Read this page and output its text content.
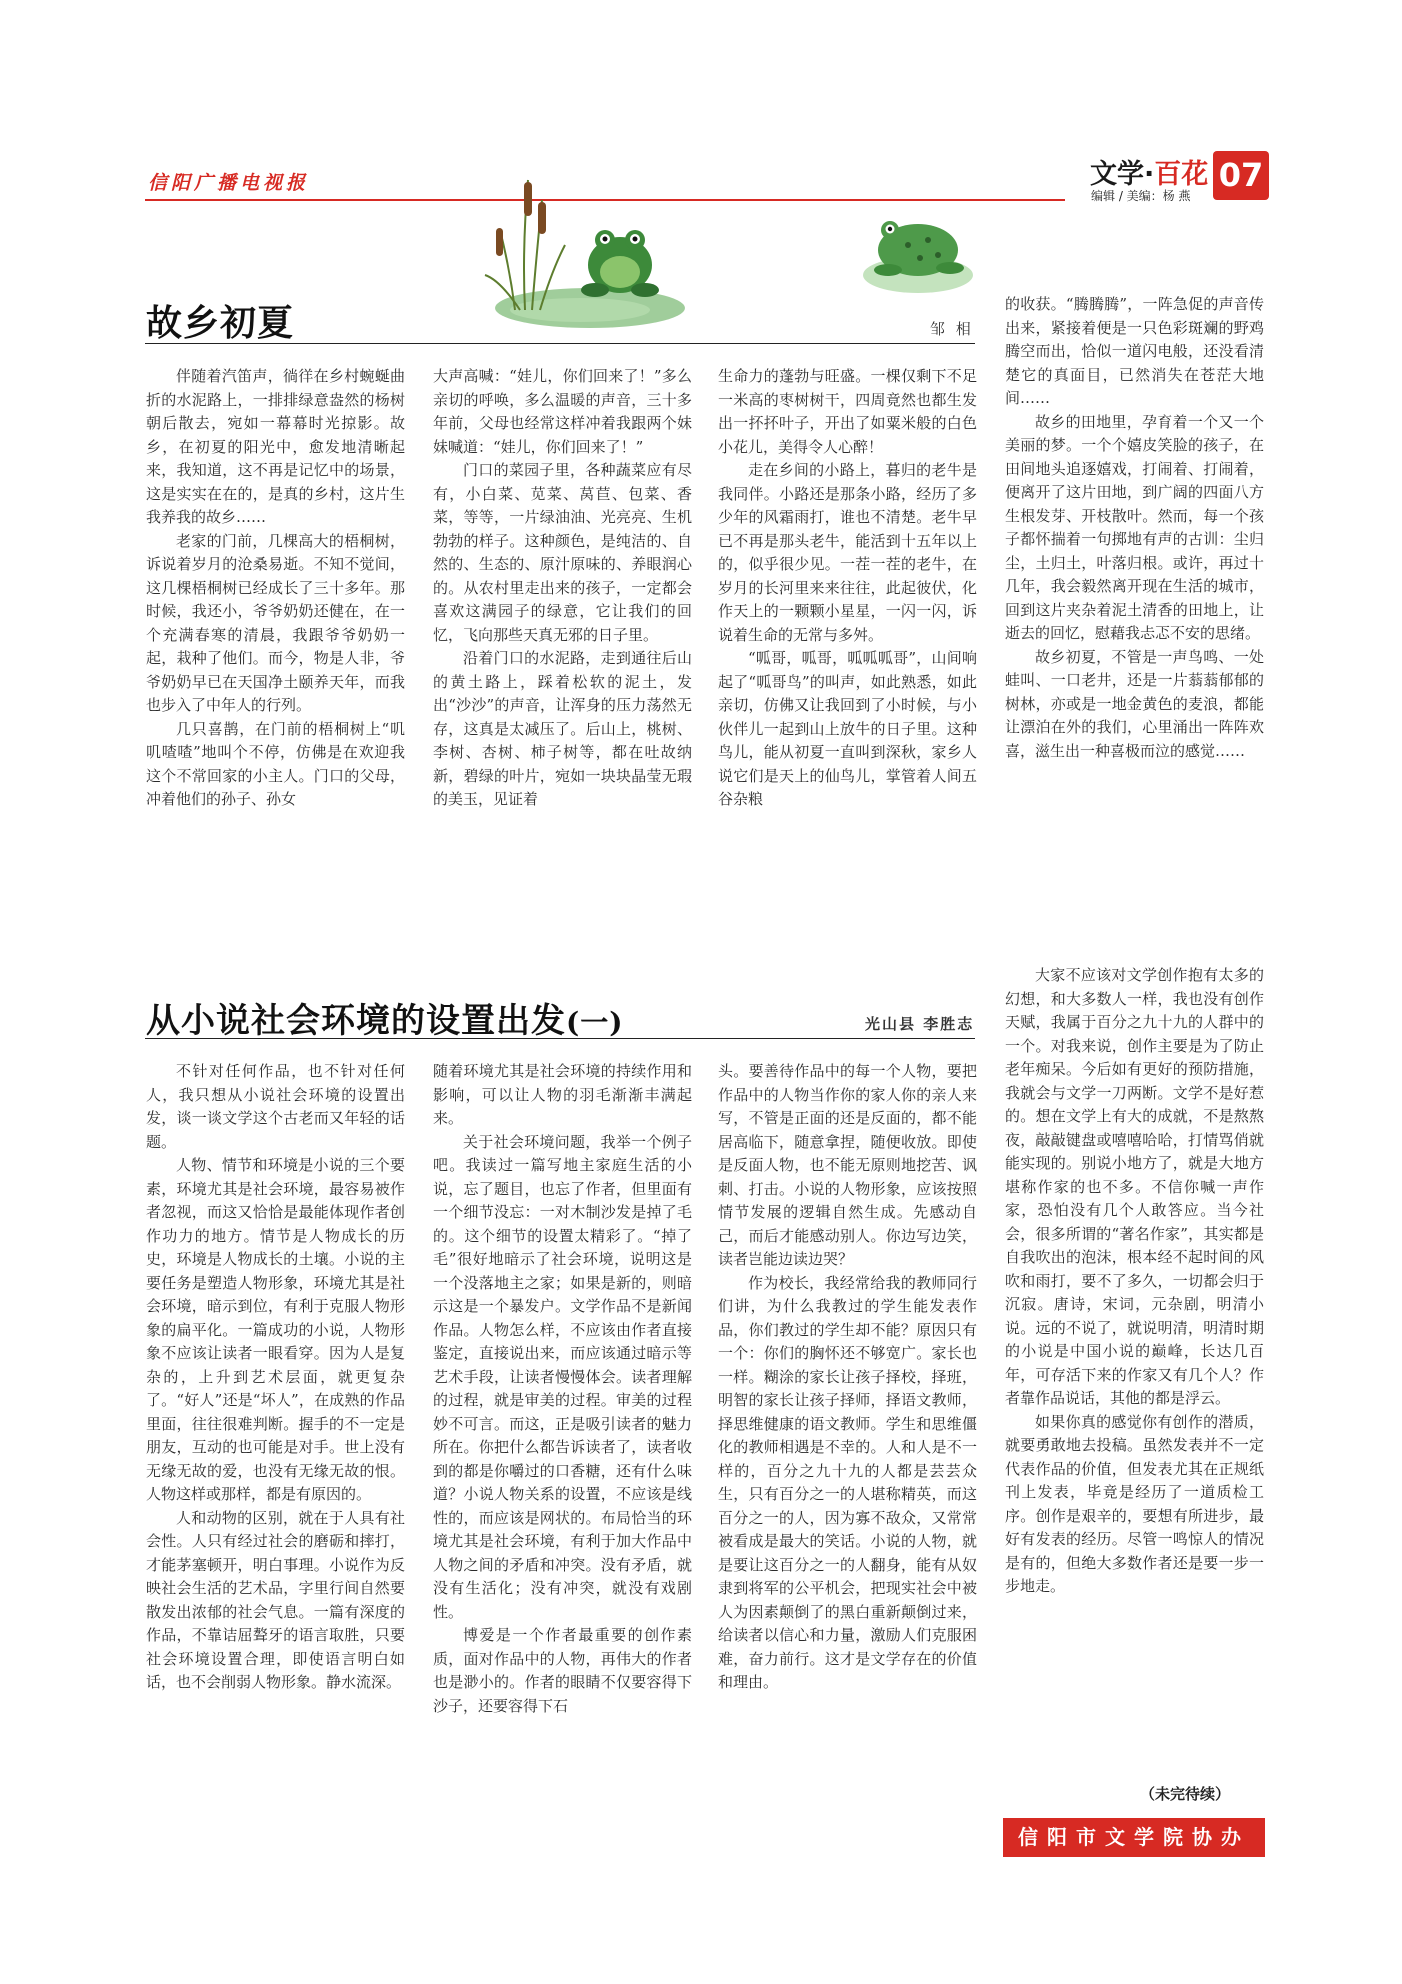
信阳广播电视报	文学·百花
编辑 / 美编：杨 燕
07
故乡初夏	邹 相

伴随着汽笛声，徜徉在乡村蜿蜒曲折的水泥路上，一排排绿意盎然的杨树朝后散去，宛如一幕幕时光掠影。故乡，在初夏的阳光中，愈发地清晰起来，我知道，这不再是记忆中的场景，这是实实在在的，是真的乡村，这片生我养我的故乡……

老家的门前，几棵高大的梧桐树，诉说着岁月的沧桑易逝。不知不觉间，这几棵梧桐树已经成长了三十多年。那时候，我还小，爷爷奶奶还健在，在一个充满春寒的清晨，我跟爷爷奶奶一起，栽种了他们。而今，物是人非，爷爷奶奶早已在天国净土颐养天年，而我也步入了中年人的行列。

几只喜鹊，在门前的梧桐树上“叽叽喳喳”地叫个不停，仿佛是在欢迎我这个不常回家的小主人。门口的父母，冲着他们的孙子、孙女

大声高喊：“娃儿，你们回来了！”多么亲切的呼唤，多么温暖的声音，三十多年前，父母也经常这样冲着我跟两个妹妹喊道：“娃儿，你们回来了！”

门口的菜园子里，各种蔬菜应有尽有，小白菜、苋菜、莴苣、包菜、香菜，等等，一片绿油油、光亮亮、生机勃勃的样子。这种颜色，是纯洁的、自然的、生态的、原汁原味的、养眼润心的。从农村里走出来的孩子，一定都会喜欢这满园子的绿意，它让我们的回忆，飞向那些天真无邪的日子里。

沿着门口的水泥路，走到通往后山的黄土路上，踩着松软的泥土，发出“沙沙”的声音，让浑身的压力荡然无存，这真是太减压了。后山上，桃树、李树、杏树、柿子树等，都在吐故纳新，碧绿的叶片，宛如一块块晶莹无瑕的美玉，见证着

生命力的蓬勃与旺盛。一棵仅剩下不足一米高的枣树树干，四周竟然也都生发出一抔抔叶子，开出了如粟米般的白色小花儿，美得令人心醉！

走在乡间的小路上，暮归的老牛是我同伴。小路还是那条小路，经历了多少年的风霜雨打，谁也不清楚。老牛早已不再是那头老牛，能活到十五年以上的，似乎很少见。一茬一茬的老牛，在岁月的长河里来来往往，此起彼伏，化作天上的一颗颗小星星，一闪一闪，诉说着生命的无常与多舛。

“呱哥，呱哥，呱呱呱哥”，山间响起了“呱哥鸟”的叫声，如此熟悉，如此亲切，仿佛又让我回到了小时候，与小伙伴儿一起到山上放牛的日子里。这种鸟儿，能从初夏一直叫到深秋，家乡人说它们是天上的仙鸟儿，掌管着人间五谷杂粮

的收获。“腾腾腾”，一阵急促的声音传出来，紧接着便是一只色彩斑斓的野鸡腾空而出，恰似一道闪电般，还没看清楚它的真面目，已然消失在苍茫大地间……

故乡的田地里，孕育着一个又一个美丽的梦。一个个嬉皮笑脸的孩子，在田间地头追逐嬉戏，打闹着、打闹着，便离开了这片田地，到广阔的四面八方生根发芽、开枝散叶。然而，每一个孩子都怀揣着一句掷地有声的古训：尘归尘，土归土，叶落归根。或许，再过十几年，我会毅然离开现在生活的城市，回到这片夹杂着泥土清香的田地上，让逝去的回忆，慰藉我忐忑不安的思绪。

故乡初夏，不管是一声鸟鸣、一处蛙叫、一口老井，还是一片蓊蓊郁郁的树林，亦或是一地金黄色的麦浪，都能让漂泊在外的我们，心里涌出一阵阵欢喜，滋生出一种喜极而泣的感觉……

从小说社会环境的设置出发(一)	光山县 李胜志

不针对任何作品，也不针对任何人，我只想从小说社会环境的设置出发，谈一谈文学这个古老而又年轻的话题。

人物、情节和环境是小说的三个要素，环境尤其是社会环境，最容易被作者忽视，而这又恰恰是最能体现作者创作功力的地方。情节是人物成长的历史，环境是人物成长的土壤。小说的主要任务是塑造人物形象，环境尤其是社会环境，暗示到位，有利于克服人物形象的扁平化。一篇成功的小说，人物形象不应该让读者一眼看穿。因为人是复杂的，上升到艺术层面，就更复杂了。“好人”还是“坏人”，在成熟的作品里面，往往很难判断。握手的不一定是朋友，互动的也可能是对手。世上没有无缘无故的爱，也没有无缘无故的恨。人物这样或那样，都是有原因的。

人和动物的区别，就在于人具有社会性。人只有经过社会的磨砺和摔打，才能茅塞顿开，明白事理。小说作为反映社会生活的艺术品，字里行间自然要散发出浓郁的社会气息。一篇有深度的作品，不靠诘屈聱牙的语言取胜，只要社会环境设置合理，即使语言明白如话，也不会削弱人物形象。静水流深。

随着环境尤其是社会环境的持续作用和影响，可以让人物的羽毛渐渐丰满起来。

关于社会环境问题，我举一个例子吧。我读过一篇写地主家庭生活的小说，忘了题目，也忘了作者，但里面有一个细节没忘：一对木制沙发是掉了毛的。这个细节的设置太精彩了。“掉了毛”很好地暗示了社会环境，说明这是一个没落地主之家；如果是新的，则暗示这是一个暴发户。文学作品不是新闻作品。人物怎么样，不应该由作者直接鉴定，直接说出来，而应该通过暗示等艺术手段，让读者慢慢体会。读者理解的过程，就是审美的过程。审美的过程妙不可言。而这，正是吸引读者的魅力所在。你把什么都告诉读者了，读者收到的都是你嚼过的口香糖，还有什么味道？小说人物关系的设置，不应该是线性的，而应该是网状的。布局恰当的环境尤其是社会环境，有利于加大作品中人物之间的矛盾和冲突。没有矛盾，就没有生活化；没有冲突，就没有戏剧性。

博爱是一个作者最重要的创作素质，面对作品中的人物，再伟大的作者也是渺小的。作者的眼睛不仅要容得下沙子，还要容得下石

头。要善待作品中的每一个人物，要把作品中的人物当作你的家人你的亲人来写，不管是正面的还是反面的，都不能居高临下，随意拿捏，随便收放。即使是反面人物，也不能无原则地挖苦、讽刺、打击。小说的人物形象，应该按照情节发展的逻辑自然生成。先感动自己，而后才能感动别人。你边写边笑，读者岂能边读边哭？

作为校长，我经常给我的教师同行们讲，为什么我教过的学生能发表作品，你们教过的学生却不能？原因只有一个：你们的胸怀还不够宽广。家长也一样。糊涂的家长让孩子择校，择班，明智的家长让孩子择师，择语文教师，择思维健康的语文教师。学生和思维僵化的教师相遇是不幸的。人和人是不一样的，百分之九十九的人都是芸芸众生，只有百分之一的人堪称精英，而这百分之一的人，因为寡不敌众，又常常被看成是最大的笑话。小说的人物，就是要让这百分之一的人翻身，能有从奴隶到将军的公平机会，把现实社会中被人为因素颠倒了的黑白重新颠倒过来，给读者以信心和力量，激励人们克服困难，奋力前行。这才是文学存在的价值和理由。

大家不应该对文学创作抱有太多的幻想，和大多数人一样，我也没有创作天赋，我属于百分之九十九的人群中的一个。对我来说，创作主要是为了防止老年痴呆。今后如有更好的预防措施，我就会与文学一刀两断。文学不是好惹的。想在文学上有大的成就，不是熬熬夜，敲敲键盘或嘻嘻哈哈，打情骂俏就能实现的。别说小地方了，就是大地方堪称作家的也不多。不信你喊一声作家，恐怕没有几个人敢答应。当今社会，很多所谓的“著名作家”，其实都是自我吹出的泡沫，根本经不起时间的风吹和雨打，要不了多久，一切都会归于沉寂。唐诗，宋词，元杂剧，明清小说。远的不说了，就说明清，明清时期的小说是中国小说的巅峰，长达几百年，可存活下来的作家又有几个人？作者靠作品说话，其他的都是浮云。

如果你真的感觉你有创作的潜质，就要勇敢地去投稿。虽然发表并不一定代表作品的价值，但发表尤其在正规纸刊上发表，毕竟是经历了一道质检工序。创作是艰辛的，要想有所进步，最好有发表的经历。尽管一鸣惊人的情况是有的，但绝大多数作者还是要一步一步地走。

（未完待续）
信阳市文学院协办
